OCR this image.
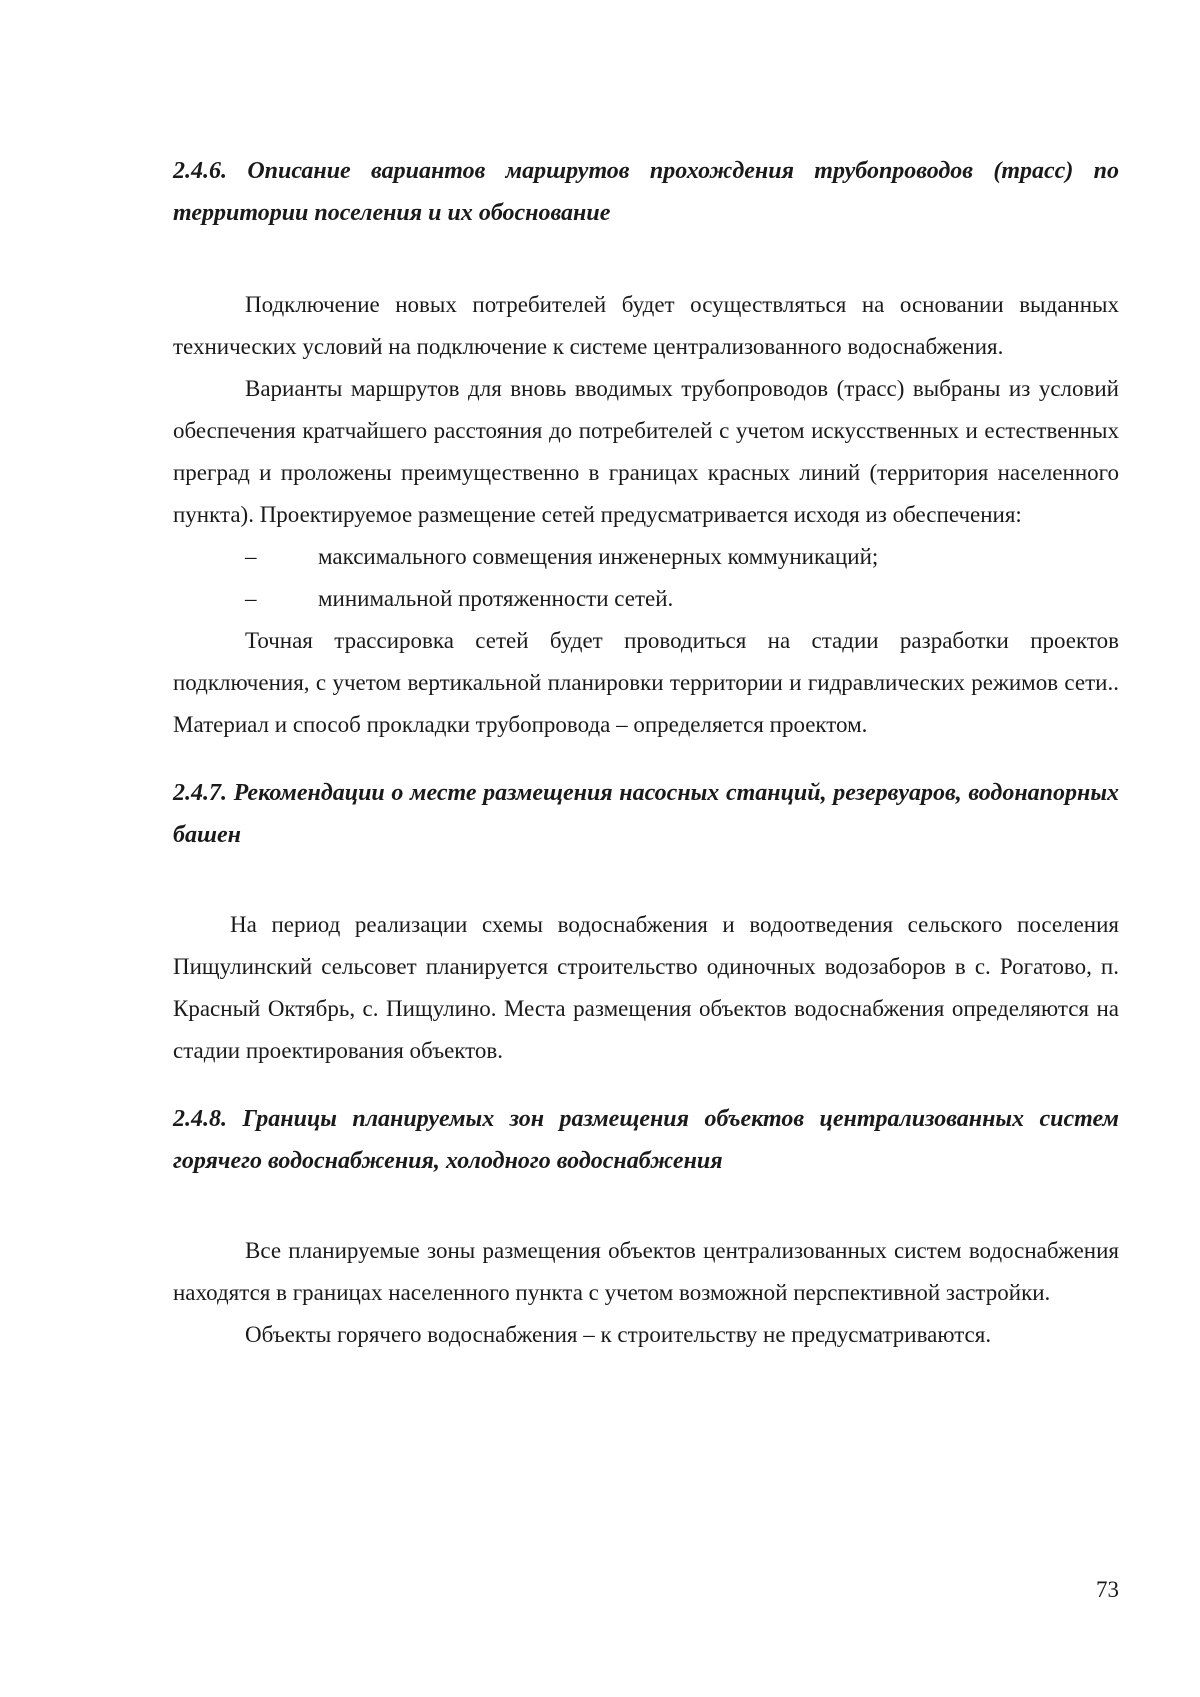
2.4.6. Описание вариантов маршрутов прохождения трубопроводов (трасс) по территории поселения и их обоснование

Подключение новых потребителей будет осуществляться на основании выданных технических условий на подключение к системе централизованного водоснабжения.

Варианты маршрутов для вновь вводимых трубопроводов (трасс) выбраны из условий обеспечения кратчайшего расстояния до потребителей с учетом искусственных и естественных преград и проложены преимущественно в границах красных линий (территория населенного пункта). Проектируемое размещение сетей предусматривается исходя из обеспечения:

–	максимального совмещения инженерных коммуникаций;
–	минимальной протяженности сетей.

Точная трассировка сетей будет проводиться на стадии разработки проектов подключения, с учетом вертикальной планировки территории и гидравлических режимов сети.. Материал и способ прокладки трубопровода – определяется проектом.

2.4.7. Рекомендации о месте размещения насосных станций, резервуаров, водонапорных башен

На период реализации схемы водоснабжения и водоотведения сельского поселения Пищулинский сельсовет планируется строительство одиночных водозаборов в с. Рогатово, п. Красный Октябрь, с. Пищулино. Места размещения объектов водоснабжения определяются на стадии проектирования объектов.

2.4.8. Границы планируемых зон размещения объектов централизованных систем горячего водоснабжения, холодного водоснабжения

Все планируемые зоны размещения объектов централизованных систем водоснабжения находятся в границах населенного пункта с учетом возможной перспективной застройки.

Объекты горячего водоснабжения – к строительству не предусматриваются.

73
